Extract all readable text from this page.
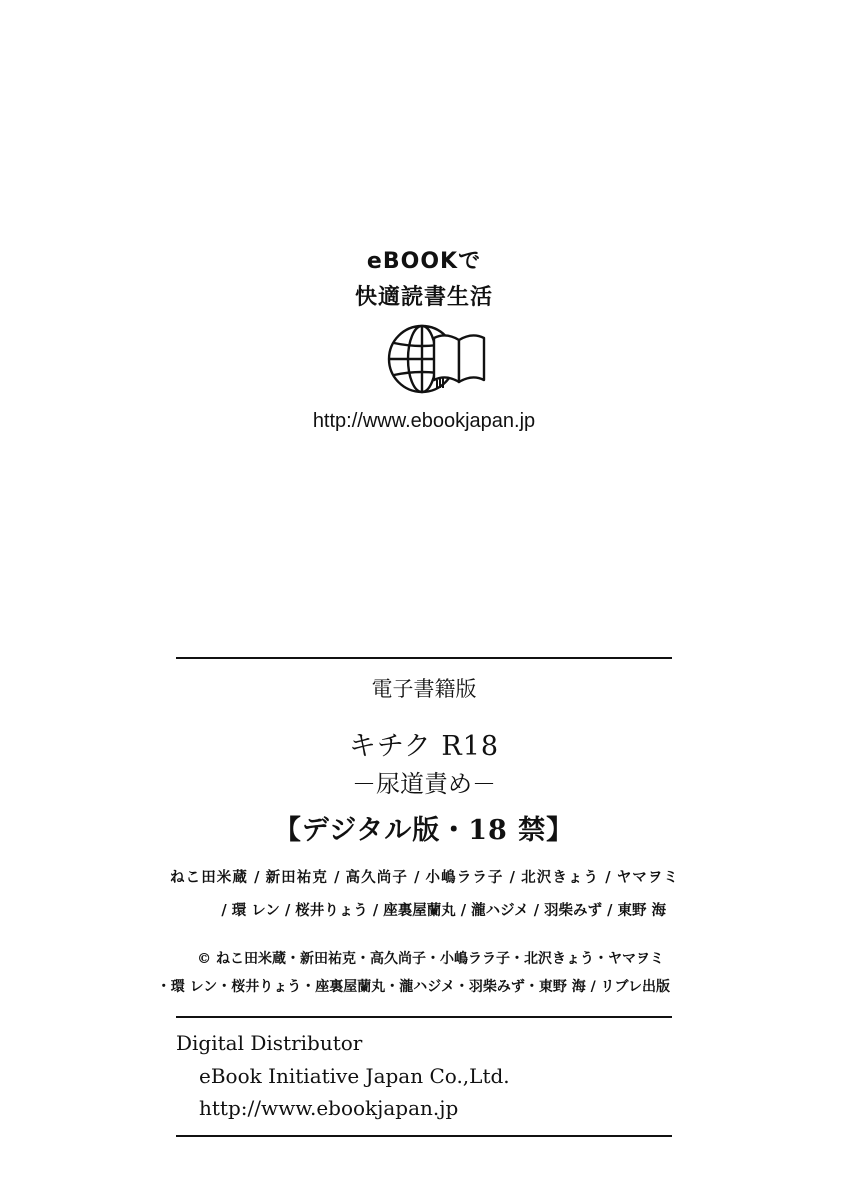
eBOOKで
快適読書生活
http://www.ebookjapan.jp
電子書籍版
キチク R18
－尿道責め－
【デジタル版・18 禁】
ねこ田米蔵 / 新田祐克 / 高久尚子 / 小嶋ララ子 / 北沢きょう / ヤマヲミ
/ 環 レン / 桜井りょう / 座裏屋蘭丸 / 瀧ハジメ / 羽柴みず / 東野 海
© ねこ田米蔵・新田祐克・高久尚子・小嶋ララ子・北沢きょう・ヤマヲミ
・環 レン・桜井りょう・座裏屋蘭丸・瀧ハジメ・羽柴みず・東野 海 / リブレ出版
Digital Distributor
eBook Initiative Japan Co.,Ltd.
http://www.ebookjapan.jp
